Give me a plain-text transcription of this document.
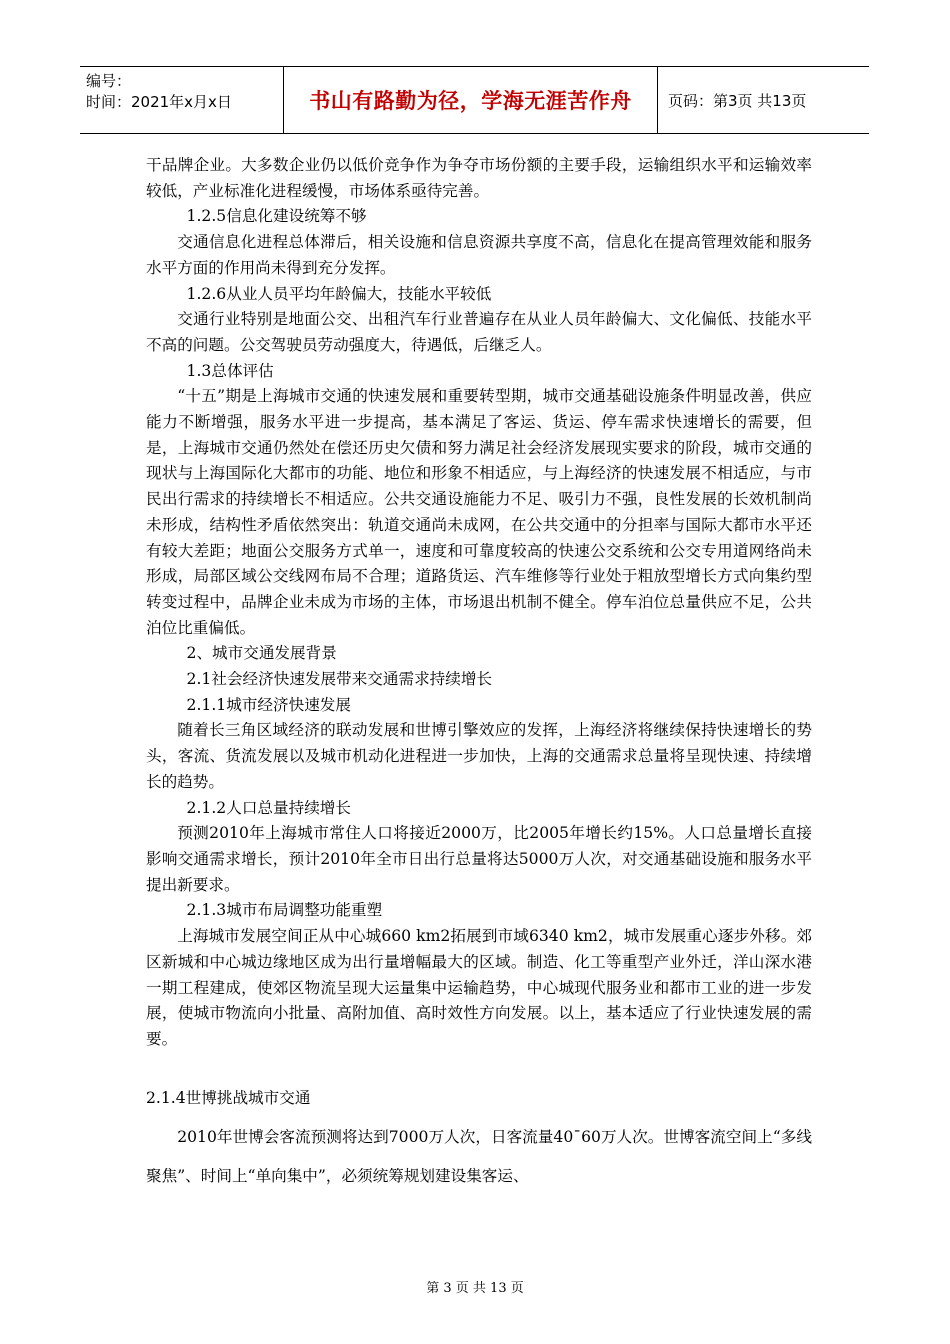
编号：
时间：2021年x月x日	书山有路勤为径，学海无涯苦作舟	页码：第3页 共13页

干品牌企业。大多数企业仍以低价竞争作为争夺市场份额的主要手段，运输组织水平和运输效率较低，产业标准化进程缓慢，市场体系亟待完善。

1.2.5信息化建设统筹不够

交通信息化进程总体滞后，相关设施和信息资源共享度不高，信息化在提高管理效能和服务水平方面的作用尚未得到充分发挥。

1.2.6从业人员平均年龄偏大，技能水平较低

交通行业特别是地面公交、出租汽车行业普遍存在从业人员年龄偏大、文化偏低、技能水平不高的问题。公交驾驶员劳动强度大，待遇低，后继乏人。

1.3总体评估

“十五”期是上海城市交通的快速发展和重要转型期，城市交通基础设施条件明显改善，供应能力不断增强，服务水平进一步提高，基本满足了客运、货运、停车需求快速增长的需要，但是，上海城市交通仍然处在偿还历史欠债和努力满足社会经济发展现实要求的阶段，城市交通的现状与上海国际化大都市的功能、地位和形象不相适应，与上海经济的快速发展不相适应，与市民出行需求的持续增长不相适应。公共交通设施能力不足、吸引力不强，良性发展的长效机制尚未形成，结构性矛盾依然突出：轨道交通尚未成网，在公共交通中的分担率与国际大都市水平还有较大差距；地面公交服务方式单一，速度和可靠度较高的快速公交系统和公交专用道网络尚未形成，局部区域公交线网布局不合理；道路货运、汽车维修等行业处于粗放型增长方式向集约型转变过程中，品牌企业未成为市场的主体，市场退出机制不健全。停车泊位总量供应不足，公共泊位比重偏低。

2、城市交通发展背景

2.1社会经济快速发展带来交通需求持续增长

2.1.1城市经济快速发展

随着长三角区域经济的联动发展和世博引擎效应的发挥，上海经济将继续保持快速增长的势头，客流、货流发展以及城市机动化进程进一步加快，上海的交通需求总量将呈现快速、持续增长的趋势。

2.1.2人口总量持续增长

预测2010年上海城市常住人口将接近2000万，比2005年增长约15%。人口总量增长直接影响交通需求增长，预计2010年全市日出行总量将达5000万人次，对交通基础设施和服务水平提出新要求。

2.1.3城市布局调整功能重塑

上海城市发展空间正从中心城660 km2拓展到市域6340 km2，城市发展重心逐步外移。郊区新城和中心城边缘地区成为出行量增幅最大的区域。制造、化工等重型产业外迁，洋山深水港一期工程建成，使郊区物流呈现大运量集中运输趋势，中心城现代服务业和都市工业的进一步发展，使城市物流向小批量、高附加值、高时效性方向发展。以上，基本适应了行业快速发展的需要。

2.1.4世博挑战城市交通

2010年世博会客流预测将达到7000万人次，日客流量40¯60万人次。世博客流空间上“多线聚焦”、时间上“单向集中”，必须统筹规划建设集客运、

第 3 页 共 13 页
